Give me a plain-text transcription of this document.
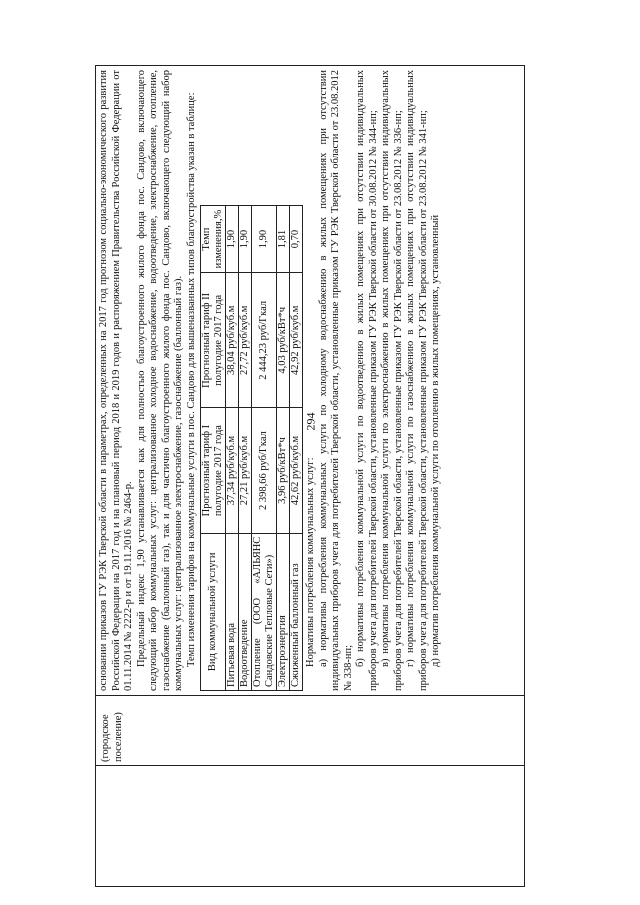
294
(городское поселение)

основании приказов ГУ РЭК Тверской области в параметрах, определенных на 2017 год прогнозом социально-экономического развития Российской Федерации на 2017 год и на плановый период 2018 и 2019 годов и распоряжением Правительства Российской Федерации от 01.11.2014 № 2222-р и от 19.11.2016 № 2464-р. Предельный индекс 1,90 устанавливается как для полностью благоустроенного жилого фонда пос. Сандово, включающего следующий набор коммунальных услуг: централизованное холодное водоснабжение, водоотведение, электроснабжение, отопление, газоснабжение (баллонный газ), так и для частично благоустроенного жилого фонда пос. Сандово, включающего следующий набор коммунальных услуг: централизованное электроснабжение, газоснабжение (баллонный газ). Темп изменения тарифов на коммунальные услуги в пос. Сандово для вышеназванных типов благоустройства указан в таблице: Вид коммунальной услуги	Прогнозный тариф I полугодие 2017 года	Прогнозный тариф II полугодие 2017 года	Темп изменения,%
Питьевая вода	37,34 руб/куб.м	38,04 руб/куб.м	1,90
Водоотведение	27,21 руб/куб.м	27,72 руб/куб.м	1,90
Отопление (ООО «АЛЬЯНС Сандовские Тепловые Сети»)	2 398,66 руб/Гкал	2 444,23 руб/Гкал	1,90
Электроэнергия	3,96 руб/кВт*ч	4,03 руб/кВт*ч	1,81
Сжиженный баллонный газ	42,62 руб/куб.м	42,92 руб/куб.м	0,70

Нормативы потребления коммунальных услуг: а) нормативы потребления коммунальных услуги по холодному водоснабжению в жилых помещениях при отсутствии индивидуальных приборов учета для потребителей Тверской области, установленные приказом ГУ РЭК Тверской области от 23.08.2012 № 338-нп;

б) нормативы потребления коммунальной услуги по водоотведению в жилых помещениях при отсутствии индивидуальных приборов учета для потребителей Тверской области, установленные приказом ГУ РЭК Тверской области от 30.08.2012 № 344-нп; в) нормативы потребления коммунальной услуги по электроснабжению в жилых помещениях при отсутствии индивидуальных приборов учета для потребителей Тверской области, установленные приказом ГУ РЭК Тверской области от 23.08.2012 № 336-нп; г) нормативы потребления коммунальной услуги по газоснабжению в жилых помещениях при отсутствии индивидуальных приборов учета для потребителей Тверской области, установленные приказом ГУ РЭК Тверской области от 23.08.2012 № 341-нп; д) норматив потребления коммунальной услуги по отоплению в жилых помещениях, установленный
